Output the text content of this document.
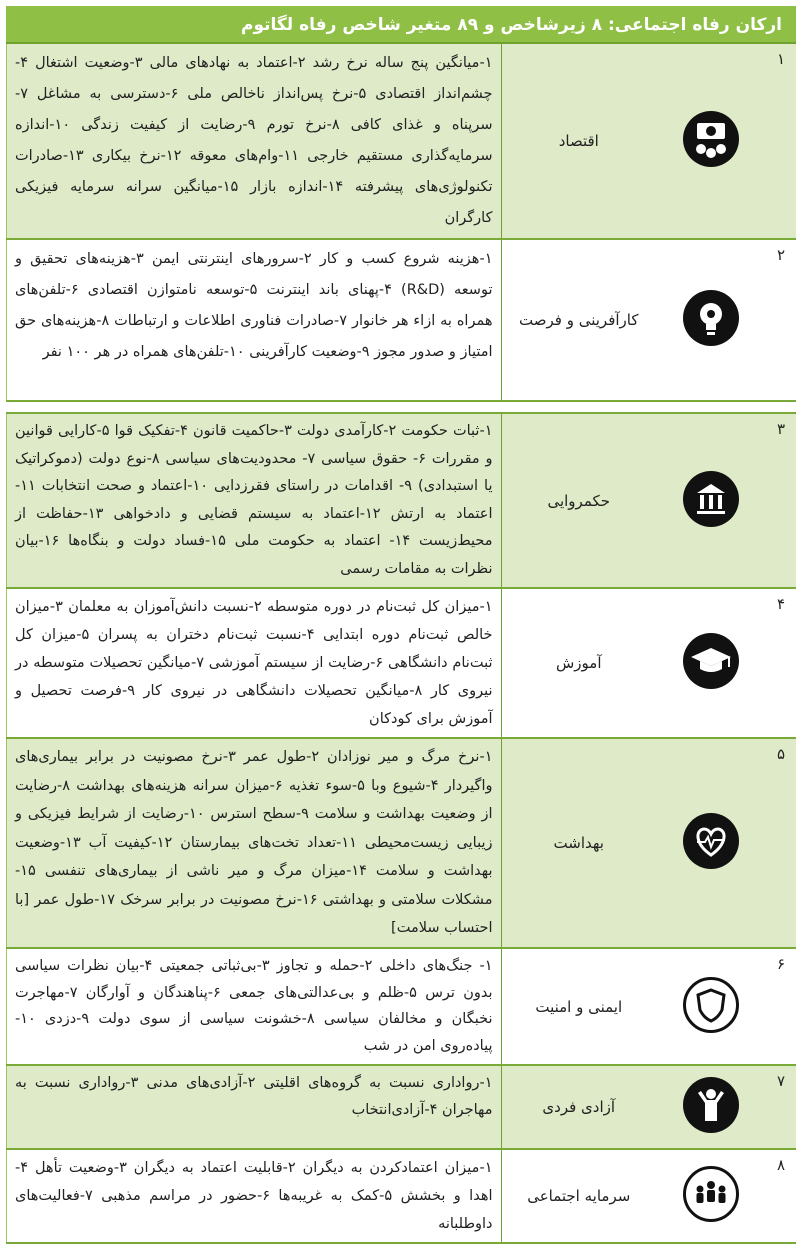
ارکان رفاه اجتماعی: ۸ زیرشاخص و ۸۹ متغیر شاخص رفاه لگاتوم
۱		اقتصاد	۱-میانگین پنج ساله نرخ رشد ۲-اعتماد به نهادهای مالی ۳-وضعیت اشتغال ۴- چشم‌انداز اقتصادی ۵-نرخ پس‌انداز ناخالص ملی ۶-دسترسی به مشاغل ۷- سرپناه و غذای کافی ۸-نرخ تورم ۹-رضایت از کیفیت زندگی ۱۰-اندازه سرمایه‌گذاری مستقیم خارجی ۱۱-وام‌های معوقه ۱۲-نرخ بیکاری ۱۳-صادرات تکنولوژی‌های پیشرفته ۱۴-اندازه بازار ۱۵-میانگین سرانه سرمایه فیزیکی کارگران
۲		کارآفرینی و فرصت	۱-هزینه شروع کسب و کار ۲-سرورهای اینترنتی ایمن ۳-هزینه‌های تحقیق و توسعه (R&D) ۴-پهنای باند اینترنت ۵-توسعه نامتوازن اقتصادی ۶-تلفن‌های همراه به ازاء هر خانوار ۷-صادرات فناوری اطلاعات و ارتباطات ۸-هزینه‌های حق امتیاز و صدور مجوز ۹-وضعیت کارآفرینی ۱۰-تلفن‌های همراه در هر ۱۰۰ نفر

۳		حکمروایی	۱-ثبات حکومت ۲-کارآمدی دولت ۳-حاکمیت قانون ۴-تفکیک قوا ۵-کارایی قوانین و مقررات ۶- حقوق سیاسی ۷- محدودیت‌های سیاسی ۸-نوع دولت (دموکراتیک یا استبدادی) ۹- اقدامات در راستای فقرزدایی ۱۰-اعتماد و صحت انتخابات ۱۱-اعتماد به ارتش ۱۲-اعتماد به سیستم قضایی و دادخواهی ۱۳-حفاظت از محیط‌زیست ۱۴- اعتماد به حکومت ملی ۱۵-فساد دولت و بنگاه‌ها ۱۶-بیان نظرات به مقامات رسمی
۴		آموزش	۱-میزان کل ثبت‌نام در دوره متوسطه ۲-نسبت دانش‌آموزان به معلمان ۳-میزان خالص ثبت‌نام دوره ابتدایی ۴-نسبت ثبت‌نام دختران به پسران ۵-میزان کل ثبت‌نام دانشگاهی ۶-رضایت از سیستم آموزشی ۷-میانگین تحصیلات متوسطه در نیروی کار ۸-میانگین تحصیلات دانشگاهی در نیروی کار ۹-فرصت تحصیل و آموزش برای کودکان
۵		بهداشت	۱-نرخ مرگ و میر نوزادان ۲-طول عمر ۳-نرخ مصونیت در برابر بیماری‌های واگیردار ۴-شیوع وبا ۵-سوء تغذیه ۶-میزان سرانه هزینه‌های بهداشت ۸-رضایت از وضعیت بهداشت و سلامت ۹-سطح استرس ۱۰-رضایت از شرایط فیزیکی و زیبایی زیست‌محیطی ۱۱-تعداد تخت‌های بیمارستان ۱۲-کیفیت آب ۱۳-وضعیت بهداشت و سلامت ۱۴-میزان مرگ و میر ناشی از بیماری‌های تنفسی ۱۵-مشکلات سلامتی و بهداشتی ۱۶-نرخ مصونیت در برابر سرخک ۱۷-طول عمر [با احتساب سلامت]
۶		ایمنی و امنیت	۱- جنگ‌های داخلی ۲-حمله و تجاوز ۳-بی‌ثباتی جمعیتی ۴-بیان نظرات سیاسی بدون ترس ۵-ظلم و بی‌عدالتی‌های جمعی ۶-پناهندگان و آوارگان ۷-مهاجرت نخبگان و مخالفان سیاسی ۸-خشونت سیاسی از سوی دولت ۹-دزدی ۱۰-پیاده‌روی امن در شب
۷		آزادی فردی	۱-رواداری نسبت به گروه‌های اقلیتی ۲-آزادی‌های مدنی ۳-رواداری نسبت به مهاجران ۴-آزادی‌انتخاب
۸		سرمایه اجتماعی	۱-میزان اعتمادکردن به دیگران ۲-قابلیت اعتماد به دیگران ۳-وضعیت تأهل ۴-اهدا و بخشش ۵-کمک به غریبه‌ها ۶-حضور در مراسم مذهبی ۷-فعالیت‌های داوطلبانه
